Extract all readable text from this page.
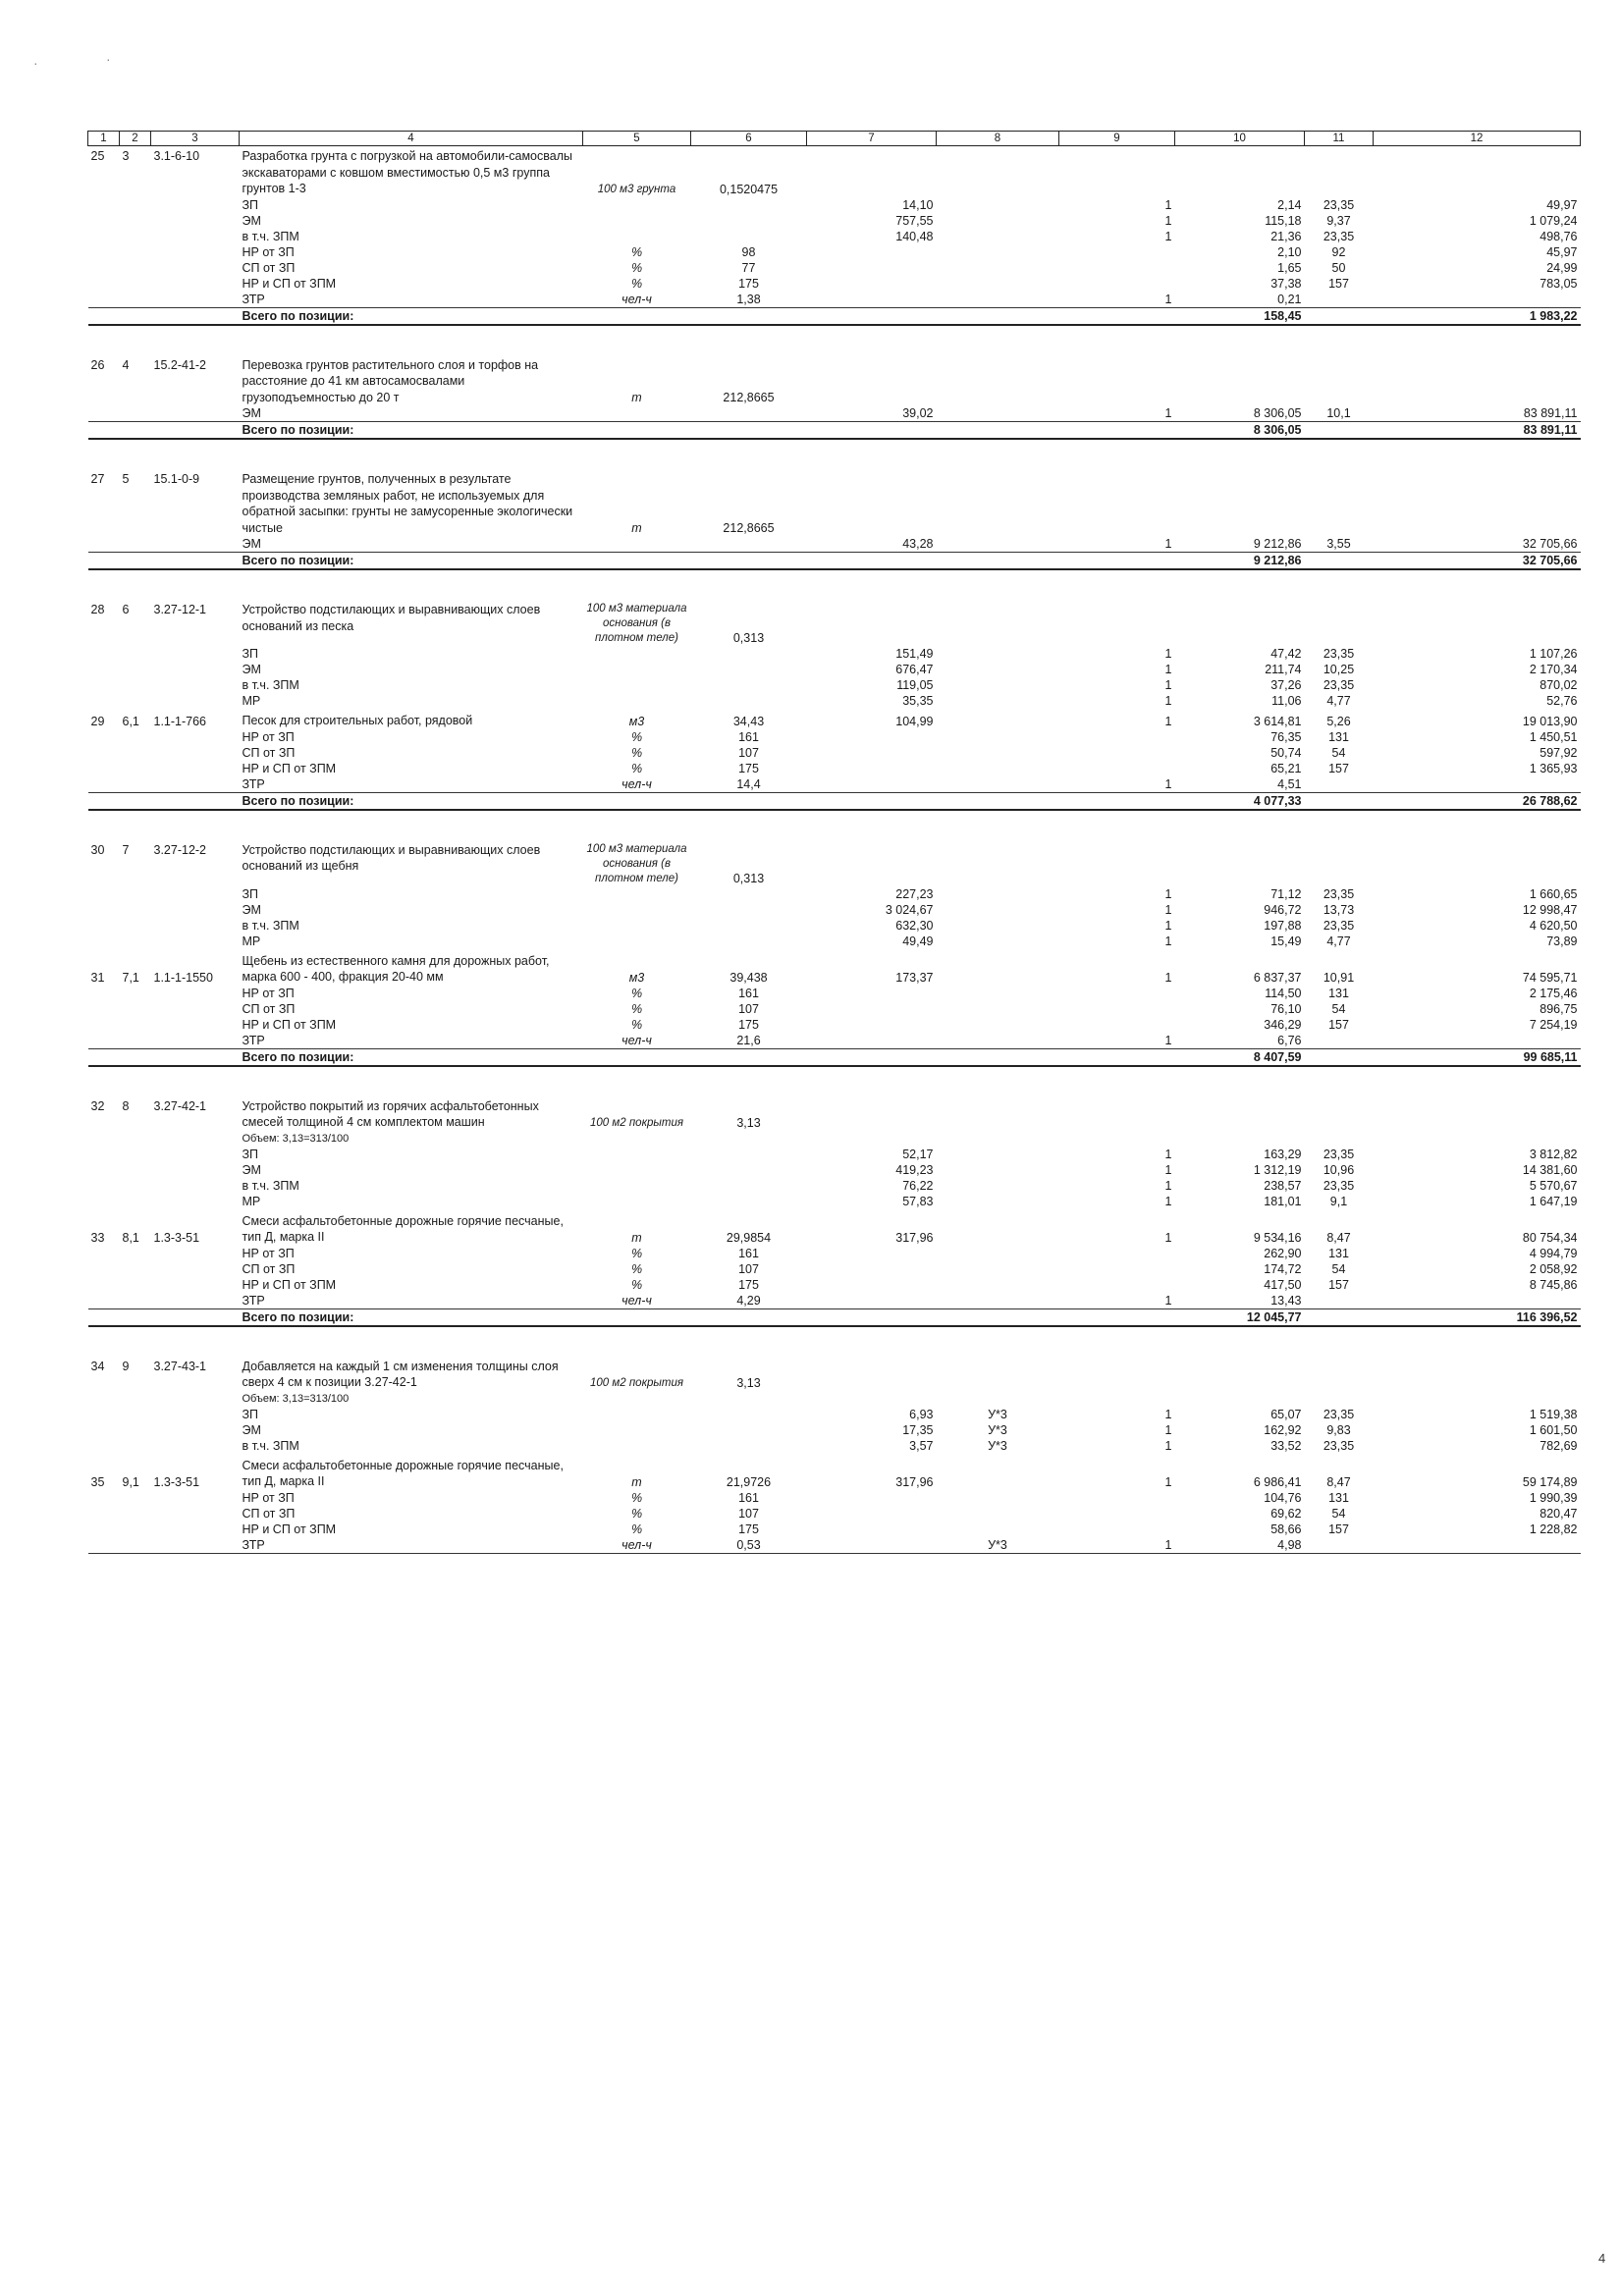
·	·
1	2	3	4	5	6	7	8	9	10	11	12
25	3	3.1-6-10	Разработка грунта с погрузкой на автомобили-самосвалы экскаваторами с ковшом вместимостью 0,5 м3 группа грунтов 1-3	100 м3 грунта	0,1520475						
			ЗП			14,10		1	2,14	23,35	49,97
			ЭМ			757,55		1	115,18	9,37	1 079,24
			в т.ч. ЗПМ			140,48		1	21,36	23,35	498,76
			НР от ЗП	%	98				2,10	92	45,97
			СП от ЗП	%	77				1,65	50	24,99
			НР и СП от ЗПМ	%	175				37,38	157	783,05
			ЗТР	чел-ч	1,38			1	0,21		
			Всего по позиции:						158,45		1 983,22

26	4	15.2-41-2	Перевозка грунтов растительного слоя и торфов на расстояние до 41 км автосамосвалами грузоподъемностью до 20 т	т	212,8665						
			ЭМ			39,02		1	8 306,05	10,1	83 891,11
			Всего по позиции:						8 306,05		83 891,11

27	5	15.1-0-9	Размещение грунтов, полученных в результате производства земляных работ, не используемых для обратной засыпки: грунты не замусоренные экологически чистые	т	212,8665						
			ЭМ			43,28		1	9 212,86	3,55	32 705,66
			Всего по позиции:						9 212,86		32 705,66

28	6	3.27-12-1	Устройство подстилающих и выравнивающих слоев оснований из песка	100 м3 материала основания (в плотном теле)	0,313						
			ЗП			151,49		1	47,42	23,35	1 107,26
			ЭМ			676,47		1	211,74	10,25	2 170,34
			в т.ч. ЗПМ			119,05		1	37,26	23,35	870,02
			МР			35,35		1	11,06	4,77	52,76
29	6,1	1.1-1-766	Песок для строительных работ, рядовой	м3	34,43	104,99		1	3 614,81	5,26	19 013,90
			НР от ЗП	%	161				76,35	131	1 450,51
			СП от ЗП	%	107				50,74	54	597,92
			НР и СП от ЗПМ	%	175				65,21	157	1 365,93
			ЗТР	чел-ч	14,4			1	4,51		
			Всего по позиции:						4 077,33		26 788,62

30	7	3.27-12-2	Устройство подстилающих и выравнивающих слоев оснований из щебня	100 м3 материала основания (в плотном теле)	0,313						
			ЗП			227,23		1	71,12	23,35	1 660,65
			ЭМ			3 024,67		1	946,72	13,73	12 998,47
			в т.ч. ЗПМ			632,30		1	197,88	23,35	4 620,50
			МР			49,49		1	15,49	4,77	73,89
31	7,1	1.1-1-1550	Щебень из естественного камня для дорожных работ, марка 600 - 400, фракция 20-40 мм	м3	39,438	173,37		1	6 837,37	10,91	74 595,71
			НР от ЗП	%	161				114,50	131	2 175,46
			СП от ЗП	%	107				76,10	54	896,75
			НР и СП от ЗПМ	%	175				346,29	157	7 254,19
			ЗТР	чел-ч	21,6			1	6,76		
			Всего по позиции:						8 407,59		99 685,11

32	8	3.27-42-1	Устройство покрытий из горячих асфальтобетонных смесей толщиной 4 см комплектом машин	100 м2 покрытия	3,13						
			Объем: 3,13=313/100								
			ЗП			52,17		1	163,29	23,35	3 812,82
			ЭМ			419,23		1	1 312,19	10,96	14 381,60
			в т.ч. ЗПМ			76,22		1	238,57	23,35	5 570,67
			МР			57,83		1	181,01	9,1	1 647,19
33	8,1	1.3-3-51	Смеси асфальтобетонные дорожные горячие песчаные, тип Д, марка II	т	29,9854	317,96		1	9 534,16	8,47	80 754,34
			НР от ЗП	%	161				262,90	131	4 994,79
			СП от ЗП	%	107				174,72	54	2 058,92
			НР и СП от ЗПМ	%	175				417,50	157	8 745,86
			ЗТР	чел-ч	4,29			1	13,43		
			Всего по позиции:						12 045,77		116 396,52

34	9	3.27-43-1	Добавляется на каждый 1 см изменения толщины слоя сверх 4 см к позиции 3.27-42-1	100 м2 покрытия	3,13						
			Объем: 3,13=313/100								
			ЗП			6,93	У*3	1	65,07	23,35	1 519,38
			ЭМ			17,35	У*3	1	162,92	9,83	1 601,50
			в т.ч. ЗПМ			3,57	У*3	1	33,52	23,35	782,69
35	9,1	1.3-3-51	Смеси асфальтобетонные дорожные горячие песчаные, тип Д, марка II	т	21,9726	317,96		1	6 986,41	8,47	59 174,89
			НР от ЗП	%	161				104,76	131	1 990,39
			СП от ЗП	%	107				69,62	54	820,47
			НР и СП от ЗПМ	%	175				58,66	157	1 228,82
			ЗТР	чел-ч	0,53		У*3	1	4,98		

4
